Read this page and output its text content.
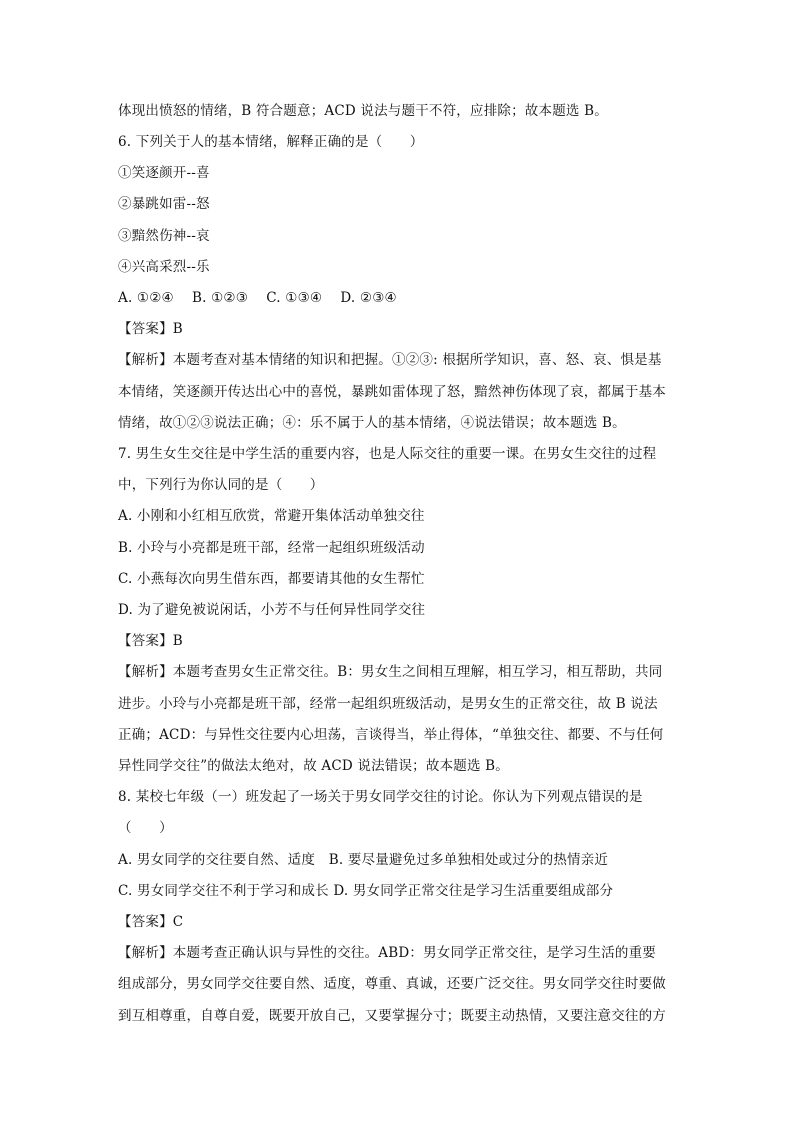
体现出愤怒的情绪，B 符合题意；ACD 说法与题干不符，应排除；故本题选 B。
6. 下列关于人的基本情绪，解释正确的是（　　）
①笑逐颜开--喜
②暴跳如雷--怒
③黯然伤神--哀
④兴高采烈--乐
A. ①②④　 B. ①②③　 C. ①③④　 D. ②③④
【答案】B
【解析】本题考查对基本情绪的知识和把握。①②③: 根据所学知识，喜、怒、哀、惧是基
本情绪，笑逐颜开传达出心中的喜悦，暴跳如雷体现了怒，黯然神伤体现了哀，都属于基本
情绪，故①②③说法正确；④：乐不属于人的基本情绪，④说法错误；故本题选 B。
7. 男生女生交往是中学生活的重要内容，也是人际交往的重要一课。在男女生交往的过程
中，下列行为你认同的是（　　）
A. 小刚和小红相互欣赏，常避开集体活动单独交往
B. 小玲与小亮都是班干部，经常一起组织班级活动
C. 小燕每次向男生借东西，都要请其他的女生帮忙
D. 为了避免被说闲话，小芳不与任何异性同学交往
【答案】B
【解析】本题考查男女生正常交往。B：男女生之间相互理解，相互学习，相互帮助，共同
进步。小玲与小亮都是班干部，经常一起组织班级活动，是男女生的正常交往，故 B 说法
正确；ACD：与异性交往要内心坦荡，言谈得当，举止得体，“单独交往、都要、不与任何
异性同学交往”的做法太绝对，故 ACD 说法错误；故本题选 B。
8. 某校七年级（一）班发起了一场关于男女同学交往的讨论。你认为下列观点错误的是
（　　）
A. 男女同学的交往要自然、适度　B. 要尽量避免过多单独相处或过分的热情亲近
C. 男女同学交往不利于学习和成长 D. 男女同学正常交往是学习生活重要组成部分
【答案】C
【解析】本题考查正确认识与异性的交往。ABD：男女同学正常交往，是学习生活的重要
组成部分，男女同学交往要自然、适度，尊重、真诚，还要广泛交往。男女同学交往时要做
到互相尊重，自尊自爱，既要开放自己，又要掌握分寸；既要主动热情，又要注意交往的方
